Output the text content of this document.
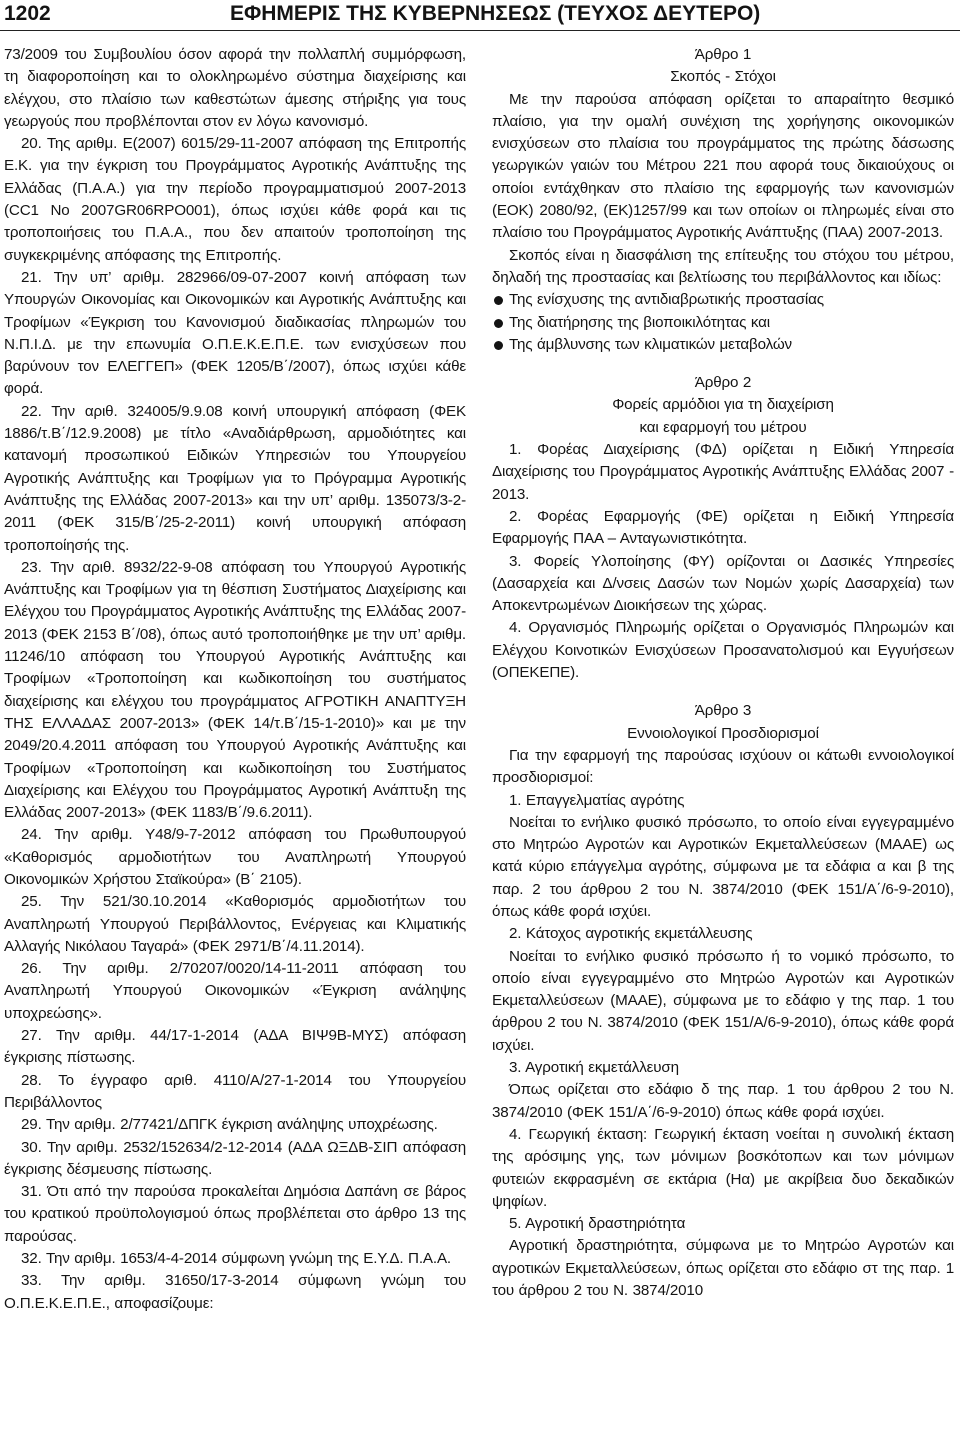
1202	ΕΦΗΜΕΡΙΣ ΤΗΣ ΚΥΒΕΡΝΗΣΕΩΣ (ΤΕΥΧΟΣ ΔΕΥΤΕΡΟ)

73/2009 του Συμβουλίου όσον αφορά την πολλαπλή συμμόρφωση, τη διαφοροποίηση και το ολοκληρωμένο σύστημα διαχείρισης και ελέγχου, στο πλαίσιο των καθεστώτων άμεσης στήριξης για τους γεωργούς που προβλέπονται στον εν λόγω κανονισμό.

20. Της αριθμ. Ε(2007) 6015/29-11-2007 απόφαση της Επιτροπής Ε.Κ. για την έγκριση του Προγράμματος Αγροτικής Ανάπτυξης της Ελλάδας (Π.Α.Α.) για την περίοδο προγραμματισμού 2007-2013 (CC1 No 2007GR06RPO001), όπως ισχύει κάθε φορά και τις τροποποιήσεις του Π.Α.Α., που δεν απαιτούν τροποποίηση της συγκεκριμένης απόφασης της Επιτροπής.

21. Την υπ’ αριθμ. 282966/09-07-2007 κοινή απόφαση των Υπουργών Οικονομίας και Οικονομικών και Αγροτικής Ανάπτυξης και Τροφίμων «Έγκριση του Κανονισμού διαδικασίας πληρωμών του Ν.Π.Ι.Δ. με την επωνυμία Ο.Π.Ε.Κ.Ε.Π.Ε. των ενισχύσεων που βαρύνουν τον ΕΛΕΓΓΕΠ» (ΦΕΚ 1205/Β΄/2007), όπως ισχύει κάθε φορά.

22. Την αριθ. 324005/9.9.08 κοινή υπουργική απόφαση (ΦΕΚ 1886/τ.Β΄/12.9.2008) με τίτλο «Αναδιάρθρωση, αρμοδιότητες και κατανομή προσωπικού Ειδικών Υπηρεσιών του Υπουργείου Αγροτικής Ανάπτυξης και Τροφίμων για το Πρόγραμμα Αγροτικής Ανάπτυξης της Ελλάδας 2007-2013» και την υπ’ αριθμ. 135073/3-2-2011 (ΦΕΚ 315/Β΄/25-2-2011) κοινή υπουργική απόφαση τροποποίησής της.

23. Την αριθ. 8932/22-9-08 απόφαση του Υπουργού Αγροτικής Ανάπτυξης και Τροφίμων για τη θέσπιση Συστήματος Διαχείρισης και Ελέγχου του Προγράμματος Αγροτικής Ανάπτυξης της Ελλάδας 2007-2013 (ΦΕΚ 2153 Β΄/08), όπως αυτό τροποποιήθηκε με την υπ’ αριθμ. 11246/10 απόφαση του Υπουργού Αγροτικής Ανάπτυξης και Τροφίμων «Τροποποίηση και κωδικοποίηση του συστήματος διαχείρισης και ελέγχου του προγράμματος ΑΓΡΟΤΙΚΗ ΑΝΑΠΤΥΞΗ ΤΗΣ ΕΛΛΑΔΑΣ 2007-2013» (ΦΕΚ 14/τ.Β΄/15-1-2010)» και με την 2049/20.4.2011 απόφαση του Υπουργού Αγροτικής Ανάπτυξης και Τροφίμων «Τροποποίηση και κωδικοποίηση του Συστήματος Διαχείρισης και Ελέγχου του Προγράμματος Αγροτική Ανάπτυξη της Ελλάδας 2007-2013» (ΦΕΚ 1183/Β΄/9.6.2011).

24. Την αριθμ. Υ48/9-7-2012 απόφαση του Πρωθυπουργού «Καθορισμός αρμοδιοτήτων του Αναπληρωτή Υπουργού Οικονομικών Χρήστου Σταϊκούρα» (Β΄ 2105).

25. Την 521/30.10.2014 «Καθορισμός αρμοδιοτήτων του Αναπληρωτή Υπουργού Περιβάλλοντος, Ενέργειας και Κλιματικής Αλλαγής Νικόλαου Ταγαρά» (ΦΕΚ 2971/Β΄/4.11.2014).

26. Την αριθμ. 2/70207/0020/14-11-2011 απόφαση του Αναπληρωτή Υπουργού Οικονομικών «Έγκριση ανάληψης υποχρεώσης».

27. Την αριθμ. 44/17-1-2014 (ΑΔΑ ΒΙΨ9Β-ΜΥΣ) απόφαση έγκρισης πίστωσης.

28. Το έγγραφο αριθ. 4110/Α/27-1-2014 του Υπουργείου Περιβάλλοντος

29. Την αριθμ. 2/77421/ΔΠΓΚ έγκριση ανάληψης υποχρέωσης.

30. Την αριθμ. 2532/152634/2-12-2014 (ΑΔΑ ΩΞΔΒ-ΣΙΠ απόφαση έγκρισης δέσμευσης πίστωσης.

31. Ότι από την παρούσα προκαλείται Δημόσια Δαπάνη σε βάρος του κρατικού προϋπολογισμού όπως προβλέπεται στο άρθρο 13 της παρούσας.

32. Την αριθμ. 1653/4-4-2014 σύμφωνη γνώμη της Ε.Υ.Δ. Π.Α.Α.

33. Την αριθμ. 31650/17-3-2014 σύμφωνη γνώμη του Ο.Π.Ε.Κ.Ε.Π.Ε., αποφασίζουμε:

Άρθρο 1
Σκοπός - Στόχοι

Με την παρούσα απόφαση ορίζεται το απαραίτητο θεσμικό πλαίσιο, για την ομαλή συνέχιση της χορήγησης οικονομικών ενισχύσεων στο πλαίσια του προγράμματος της πρώτης δάσωσης γεωργικών γαιών του Μέτρου 221 που αφορά τους δικαιούχους οι οποίοι εντάχθηκαν στο πλαίσιο της εφαρμογής των κανονισμών (ΕΟΚ) 2080/92, (ΕΚ)1257/99 και των οποίων οι πληρωμές είναι στο πλαίσιο του Προγράμματος Αγροτικής Ανάπτυξης (ΠΑΑ) 2007-2013.

Σκοπός είναι η διασφάλιση της επίτευξης του στόχου του μέτρου, δηλαδή της προστασίας και βελτίωσης του περιβάλλοντος και ιδίως:

Της ενίσχυσης της αντιδιαβρωτικής προστασίας
Της διατήρησης της βιοποικιλότητας και
Της άμβλυνσης των κλιματικών μεταβολών
Άρθρο 2
Φορείς αρμόδιοι για τη διαχείριση
και εφαρμογή του μέτρου

1. Φορέας Διαχείρισης (ΦΔ) ορίζεται η Ειδική Υπηρεσία Διαχείρισης του Προγράμματος Αγροτικής Ανάπτυξης Ελλάδας 2007 - 2013.

2. Φορέας Εφαρμογής (ΦΕ) ορίζεται η Ειδική Υπηρεσία Εφαρμογής ΠΑΑ – Ανταγωνιστικότητα.

3. Φορείς Υλοποίησης (ΦΥ) ορίζονται οι Δασικές Υπηρεσίες (Δασαρχεία και Δ/νσεις Δασών των Νομών χωρίς Δασαρχεία) των Αποκεντρωμένων Διοικήσεων της χώρας.

4. Οργανισμός Πληρωμής ορίζεται ο Οργανισμός Πληρωμών και Ελέγχου Κοινοτικών Ενισχύσεων Προσανατολισμού και Εγγυήσεων (ΟΠΕΚΕΠΕ).

Άρθρο 3
Εννοιολογικοί Προσδιορισμοί

Για την εφαρμογή της παρούσας ισχύουν οι κάτωθι εννοιολογικοί προσδιορισμοί:

1. Επαγγελματίας αγρότης

Νοείται το ενήλικο φυσικό πρόσωπο, το οποίο είναι εγγεγραμμένο στο Μητρώο Αγροτών και Αγροτικών Εκμεταλλεύσεων (ΜΑΑΕ) ως κατά κύριο επάγγελμα αγρότης, σύμφωνα με τα εδάφια α και β της παρ. 2 του άρθρου 2 του Ν. 3874/2010 (ΦΕΚ 151/Α΄/6-9-2010), όπως κάθε φορά ισχύει.

2. Κάτοχος αγροτικής εκμετάλλευσης

Νοείται το ενήλικο φυσικό πρόσωπο ή το νομικό πρόσωπο, το οποίο είναι εγγεγραμμένο στο Μητρώο Αγροτών και Αγροτικών Εκμεταλλεύσεων (ΜΑΑΕ), σύμφωνα με το εδάφιο γ της παρ. 1 του άρθρου 2 του Ν. 3874/2010 (ΦΕΚ 151/Α/6-9-2010), όπως κάθε φορά ισχύει.

3. Αγροτική εκμετάλλευση

Όπως ορίζεται στο εδάφιο δ της παρ. 1 του άρθρου 2 του Ν. 3874/2010 (ΦΕΚ 151/Α΄/6-9-2010) όπως κάθε φορά ισχύει.

4. Γεωργική έκταση: Γεωργική έκταση νοείται η συνολική έκταση της αρόσιμης γης, των μόνιμων βοσκότοπων και των μόνιμων φυτειών εκφρασμένη σε εκτάρια (Ηα) με ακρίβεια δυο δεκαδικών ψηφίων.

5. Αγροτική δραστηριότητα

Αγροτική δραστηριότητα, σύμφωνα με το Μητρώο Αγροτών και αγροτικών Εκμεταλλεύσεων, όπως ορίζεται στο εδάφιο στ της παρ. 1 του άρθρου 2 του Ν. 3874/2010
